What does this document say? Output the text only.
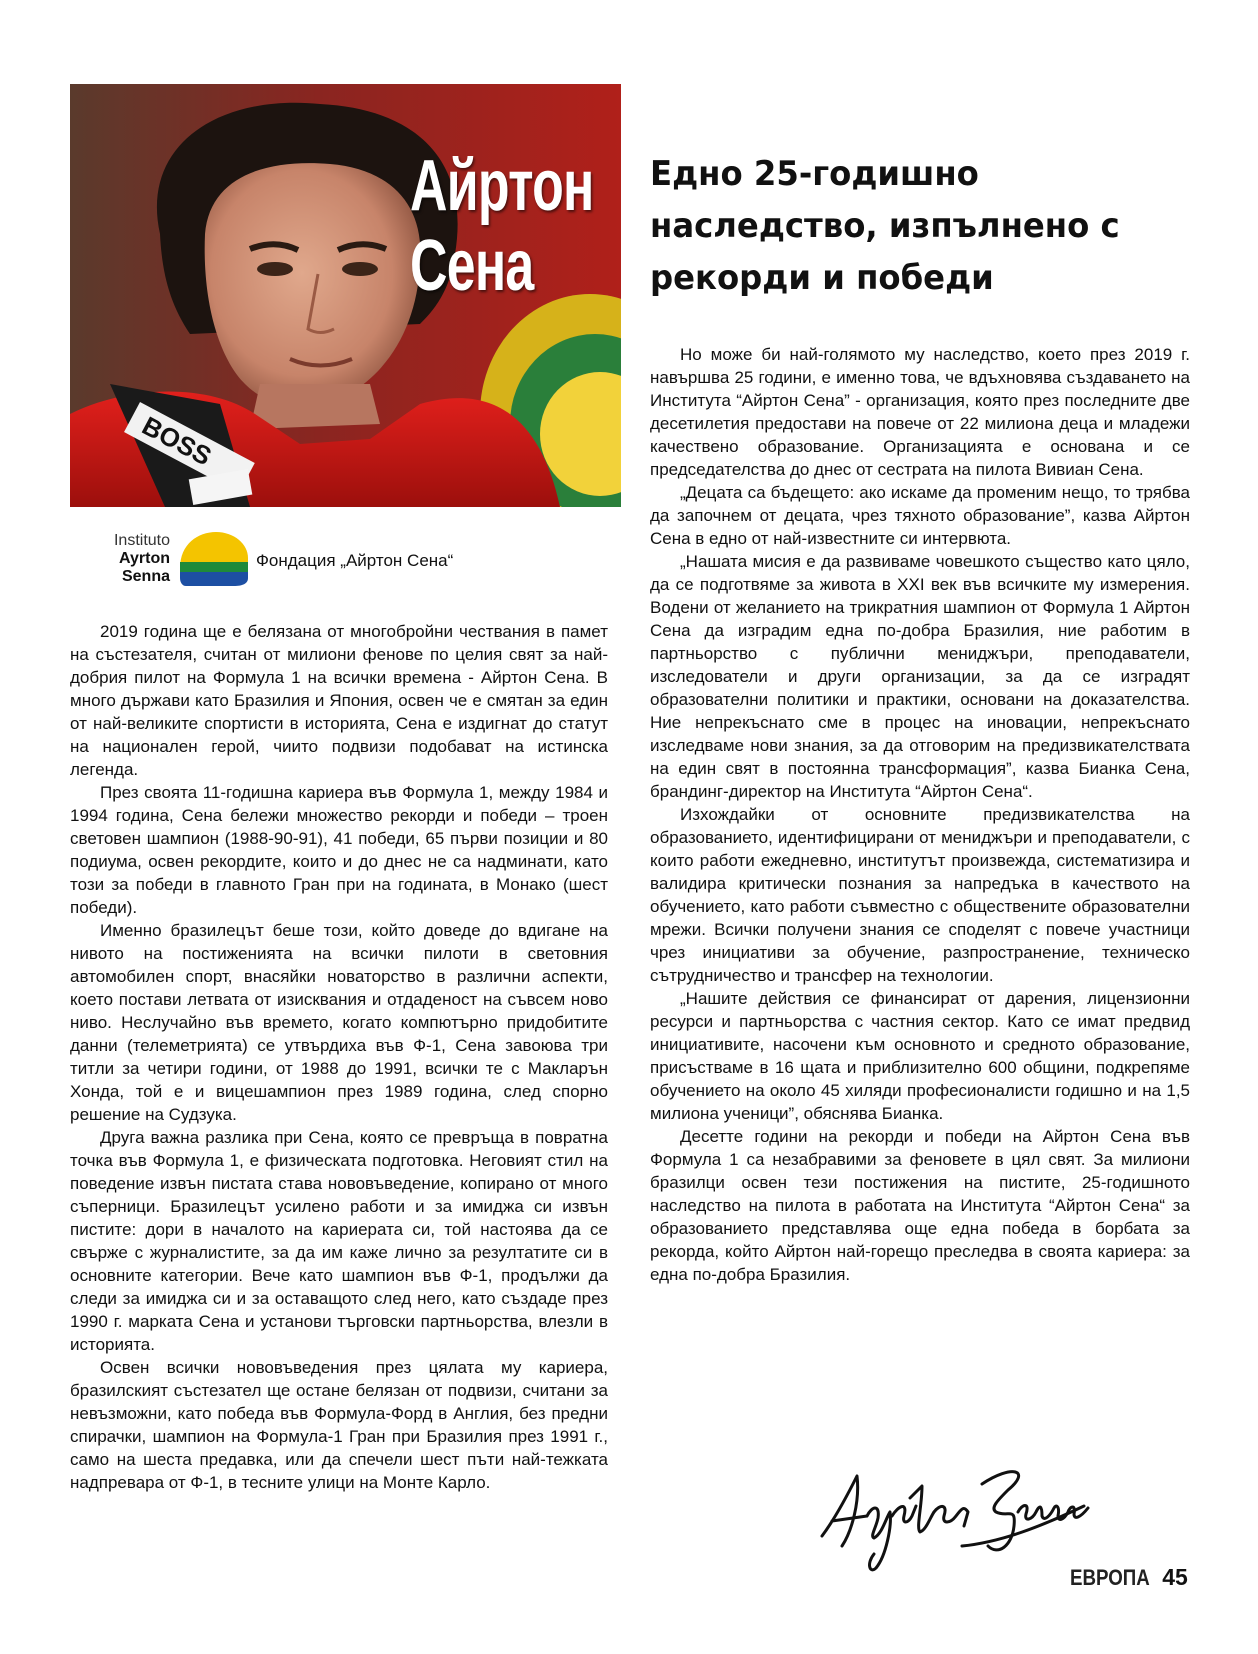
BOSS
Айртон
Сена
Instituto
Ayrton
Senna
Фондация „Айртон Сена“
Едно 25-годишно наследство, изпълнено с рекорди и победи

2019 година ще е белязана от многобройни чествания в памет на състезателя, считан от милиони фенове по целия свят за най-добрия пилот на Формула 1 на всички времена - Айртон Сена. В много държави като Бразилия и Япония, освен че е смятан за един от най-великите спортисти в историята, Сена е издигнат до статут на национален герой, чиито подвизи подобават на истинска легенда.

През своята 11-годишна кариера във Формула 1, между 1984 и 1994 година, Сена бележи множество рекорди и победи – троен световен шампион (1988-90-91), 41 победи, 65 първи позиции и 80 подиума, освен рекордите, които и до днес не са надминати, като този за победи в главното Гран при на годината, в Монако (шест победи).

Именно бразилецът беше този, който доведе до вдигане на нивото на постиженията на всички пилоти в световния автомобилен спорт, внасяйки новаторство в различни аспекти, което постави летвата от изисквания и отдаденост на съвсем ново ниво. Неслучайно във времето, когато компютърно придобитите данни (телеметрията) се утвърдиха във Ф-1, Сена завоюва три титли за четири години, от 1988 до 1991, всички те с Макларън Хонда, той е и вицешампион през 1989 година, след спорно решение на Судзука.

Друга важна разлика при Сена, която се превръща в повратна точка във Формула 1, е физическата подготовка. Неговият стил на поведение извън пистата става нововъведение, копирано от много съперници. Бразилецът усилено работи и за имиджа си извън пистите: дори в началото на кариерата си, той настоява да се свърже с журналистите, за да им каже лично за резултатите си в основните категории. Вече като шампион във Ф-1, продължи да следи за имиджа си и за оставащото след него, като създаде през 1990 г. марката Сена и установи търговски партньорства, влезли в историята.

Освен всички нововъведения през цялата му кариера, бразилският състезател ще остане белязан от подвизи, считани за невъзможни, като победа във Формула-Форд в Англия, без предни спирачки, шампион на Формула-1 Гран при Бразилия през 1991 г., само на шеста предавка, или да спечели шест пъти най-тежката надпревара от Ф-1, в тесните улици на Монте Карло.

Но може би най-голямото му наследство, което през 2019 г. навършва 25 години, е именно това, че вдъхновява създаването на Института “Айртон Сена” - организация, която през последните две десетилетия предостави на повече от 22 милиона деца и младежи качествено образование. Организацията е основана и се председателства до днес от сестрата на пилота Вивиан Сена.

„Децата са бъдещето: ако искаме да променим нещо, то трябва да започнем от децата, чрез тяхното образование”, казва Айртон Сена в едно от най-известните си интервюта.

„Нашата мисия е да развиваме човешкото същество като цяло, да се подготвяме за живота в XXI век във всичките му измерения. Водени от желанието на трикратния шампион от Формула 1 Айртон Сена да изградим една по-добра Бразилия, ние работим в партньорство с публични мениджъри, преподаватели, изследователи и други организации, за да се изградят образователни политики и практики, основани на доказателства. Ние непрекъснато сме в процес на иновации, непрекъснато изследваме нови знания, за да отговорим на предизвикателствата на един свят в постоянна трансформация”, казва Бианка Сена, брандинг-директор на Института “Айртон Сена“.

Изхождайки от основните предизвикателства на образованието, идентифицирани от мениджъри и преподаватели, с които работи ежедневно, институтът произвежда, систематизира и валидира критически познания за напредъка в качеството на обучението, като работи съвместно с обществените образователни мрежи. Всички получени знания се споделят с повече участници чрез инициативи за обучение, разпространение, техническо сътрудничество и трансфер на технологии.

„Нашите действия се финансират от дарения, лицензионни ресурси и партньорства с частния сектор. Като се имат предвид инициативите, насочени към основното и средното образование, присъстваме в 16 щата и приблизително 600 общини, подкрепяме обучението на около 45 хиляди професионалисти годишно и на 1,5 милиона ученици”, обяснява Бианка.

Десетте години на рекорди и победи на Айртон Сена във Формула 1 са незабравими за феновете в цял свят. За милиони бразилци освен тези постижения на пистите, 25-годишното наследство на пилота в работата на Института “Айртон Сена“ за образованието представлява още една победа в борбата за рекорда, който Айртон най-горещо преследва в своята кариера: за една по-добра Бразилия.

ЕВРОПА 45
